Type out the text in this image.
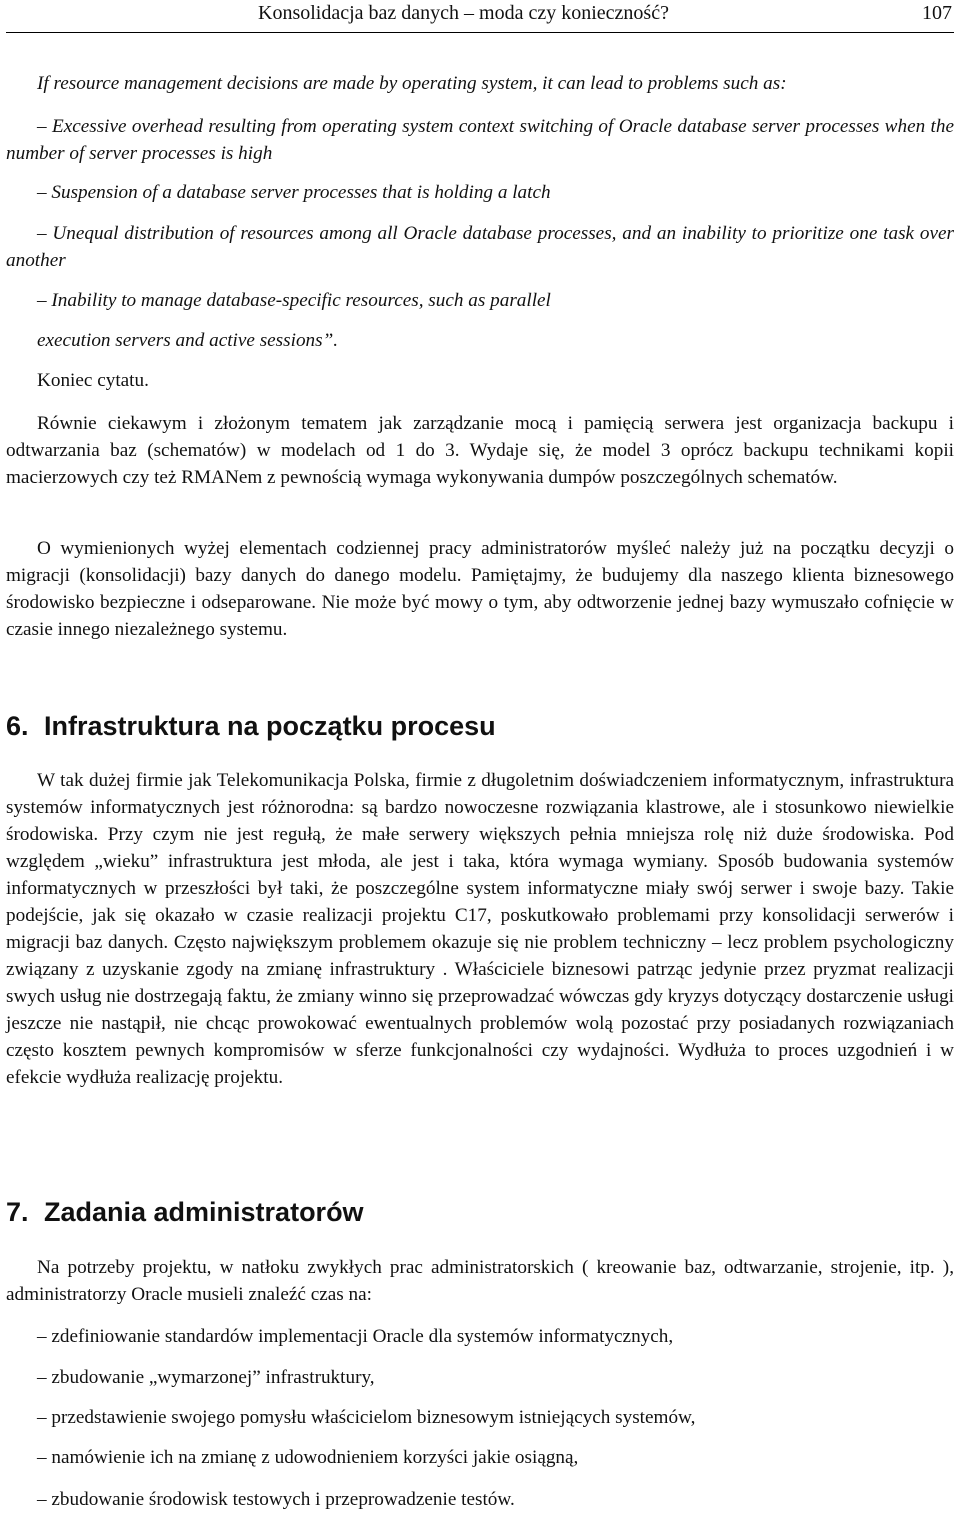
Konsolidacja baz danych – moda czy konieczność?	107
If resource management decisions are made by operating system, it can lead to problems such as:
– Excessive overhead resulting from operating system context switching of Oracle database server processes when the number of server processes is high
– Suspension of a database server processes that is holding a latch
– Unequal distribution of resources among all Oracle database processes, and an inability to prioritize one task over another
– Inability to manage database-specific resources, such as parallel
execution servers and active sessions”.
Koniec cytatu.
Równie ciekawym i złożonym tematem jak zarządzanie mocą i pamięcią serwera jest organizacja backupu i odtwarzania baz (schematów) w modelach od 1 do 3. Wydaje się, że model 3 oprócz backupu technikami kopii macierzowych czy też RMANem z pewnością wymaga wykonywania dumpów poszczególnych schematów.
O wymienionych wyżej elementach codziennej pracy administratorów myśleć należy już na początku decyzji o migracji (konsolidacji) bazy danych do danego modelu. Pamiętajmy, że budujemy dla naszego klienta biznesowego środowisko bezpieczne i odseparowane. Nie może być mowy o tym, aby odtworzenie jednej bazy wymuszało cofnięcie w czasie innego niezależnego systemu.
6. Infrastruktura na początku procesu
W tak dużej firmie jak Telekomunikacja Polska, firmie z długoletnim doświadczeniem informatycznym, infrastruktura systemów informatycznych jest różnorodna: są bardzo nowoczesne rozwiązania klastrowe, ale i stosunkowo niewielkie środowiska. Przy czym nie jest regułą, że małe serwery większych pełnia mniejsza rolę niż duże środowiska. Pod względem „wieku” infrastruktura jest młoda, ale jest i taka, która wymaga wymiany. Sposób budowania systemów informatycznych w przeszłości był taki, że poszczególne system informatyczne miały swój serwer i swoje bazy. Takie podejście, jak się okazało w czasie realizacji projektu C17, poskutkowało problemami przy konsolidacji serwerów i migracji baz danych. Często największym problemem okazuje się nie problem techniczny – lecz problem psychologiczny związany z uzyskanie zgody na zmianę infrastruktury . Właściciele biznesowi patrząc jedynie przez pryzmat realizacji swych usług nie dostrzegają faktu, że zmiany winno się przeprowadzać wówczas gdy kryzys dotyczący dostarczenie usługi jeszcze nie nastąpił, nie chcąc prowokować ewentualnych problemów wolą pozostać przy posiadanych rozwiązaniach często kosztem pewnych kompromisów w sferze funkcjonalności czy wydajności. Wydłuża to proces uzgodnień i w efekcie wydłuża realizację projektu.
7. Zadania administratorów
Na potrzeby projektu, w natłoku zwykłych prac administratorskich ( kreowanie baz, odtwarzanie, strojenie, itp. ), administratorzy Oracle musieli znaleźć czas na:
– zdefiniowanie standardów implementacji Oracle dla systemów informatycznych,
– zbudowanie „wymarzonej” infrastruktury,
– przedstawienie swojego pomysłu właścicielom biznesowym istniejących systemów,
– namówienie ich na zmianę z udowodnieniem korzyści jakie osiągną,
– zbudowanie środowisk testowych i przeprowadzenie testów.
